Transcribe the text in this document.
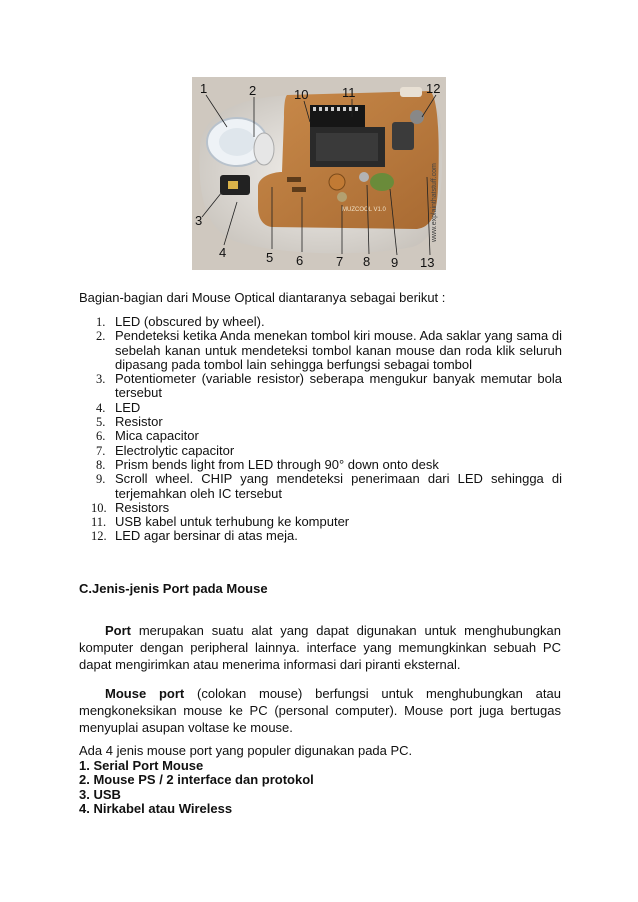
MUZCOOL V1.0	www.explainthatstuff.com
1	2	10	11	12
3
4	5 6	7 8 9 13
Bagian-bagian dari Mouse Optical diantaranya sebagai berikut :
1. LED (obscured by wheel).
2. Pendeteksi ketika Anda menekan tombol kiri mouse. Ada saklar yang sama di sebelah kanan untuk mendeteksi tombol kanan mouse dan roda klik seluruh dipasang pada tombol lain sehingga berfungsi sebagai tombol
3. Potentiometer (variable resistor) seberapa mengukur banyak memutar bola tersebut
4. LED
5. Resistor
6. Mica capacitor
7. Electrolytic capacitor
8. Prism bends light from LED through 90° down onto desk
9. Scroll wheel. CHIP yang mendeteksi penerimaan dari LED sehingga di terjemahkan oleh IC tersebut
10. Resistors
11. USB kabel untuk terhubung ke komputer
12. LED agar bersinar di atas meja.
C.Jenis-jenis Port pada Mouse

Port merupakan suatu alat yang dapat digunakan untuk menghubungkan komputer dengan peripheral lainnya. interface yang memungkinkan sebuah PC dapat mengirimkan atau menerima informasi dari piranti eksternal.

Mouse port (colokan mouse) berfungsi untuk menghubungkan atau mengkoneksikan mouse ke PC (personal computer). Mouse port juga bertugas menyuplai asupan voltase ke mouse.

Ada 4 jenis mouse port yang populer digunakan pada PC.
1. Serial Port Mouse
2. Mouse PS / 2 interface dan protokol
3. USB
4. Nirkabel atau Wireless
